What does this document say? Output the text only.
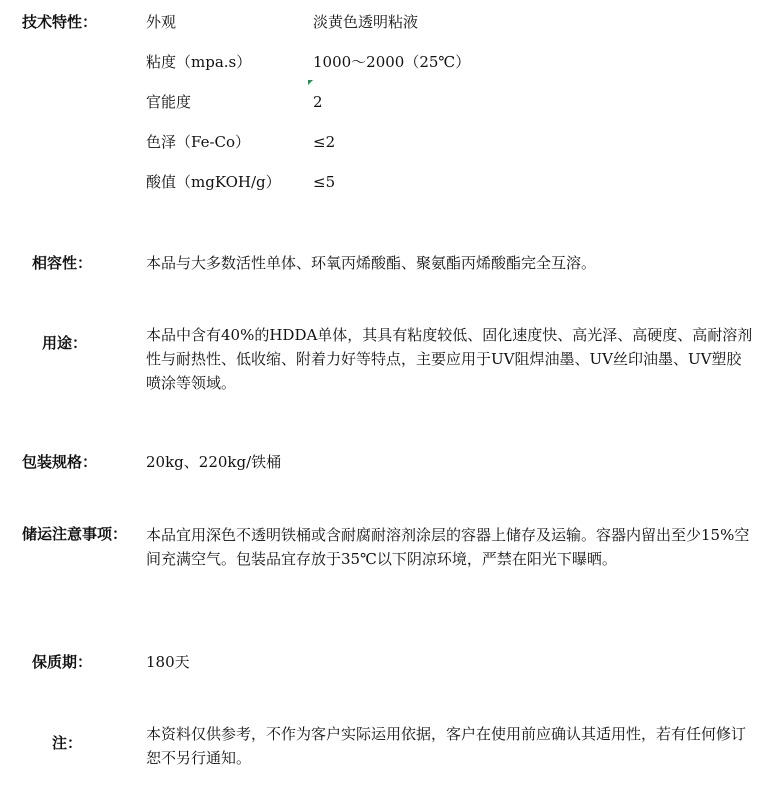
技术特性：	外观	淡黄色透明粘液
粘度（mpa.s）	1000～2000（25℃）
官能度	2
色泽（Fe-Co）	≤2
酸值（mgKOH/g） ≤5
相容性：	本品与大多数活性单体、环氧丙烯酸酯、聚氨酯丙烯酸酯完全互溶。
用途：	本品中含有40%的HDDA单体，其具有粘度较低、固化速度快、高光泽、高硬度、高耐溶剂性与耐热性、低收缩、附着力好等特点，主要应用于UV阻焊油墨、UV丝印油墨、UV塑胶喷涂等领域。
包装规格：	20kg、220kg/铁桶
储运注意事项：	本品宜用深色不透明铁桶或含耐腐耐溶剂涂层的容器上储存及运输。容器内留出至少15%空间充满空气。包装品宜存放于35℃以下阴凉环境，严禁在阳光下曝晒。
保质期：	180天
注：	本资料仅供参考，不作为客户实际运用依据，客户在使用前应确认其适用性，若有任何修订恕不另行通知。
